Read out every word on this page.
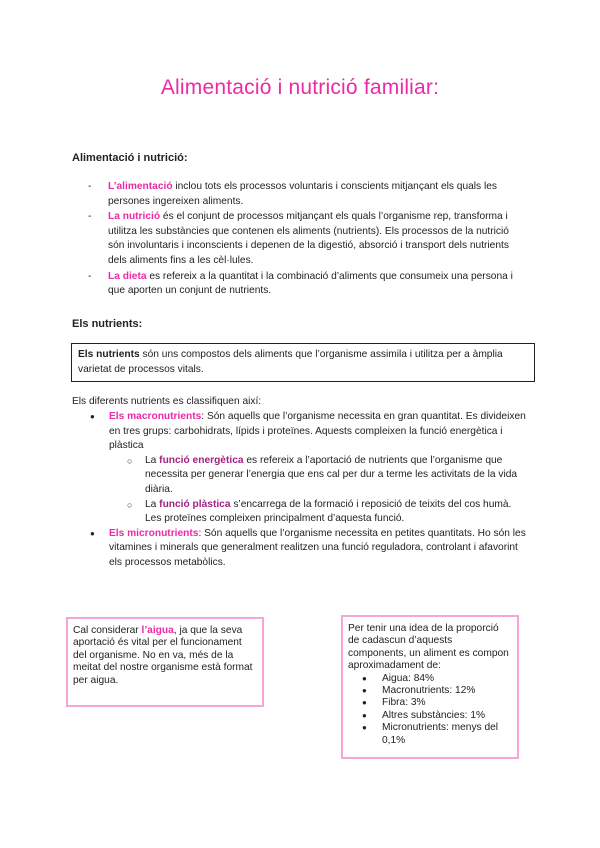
Alimentació i nutrició familiar:
Alimentació i nutrició:
- L’alimentació inclou tots els processos voluntaris i conscients mitjançant els quals les persones ingereixen aliments.
- La nutrició és el conjunt de processos mitjançant els quals l’organisme rep, transforma i utilitza les substàncies que contenen els aliments (nutrients). Els processos de la nutrició són involuntaris i inconscients i depenen de la digestió, absorció i transport dels nutrients dels aliments fins a les cèl·lules.
- La dieta es refereix a la quantitat i la combinació d’aliments que consumeix una persona i que aporten un conjunt de nutrients.
Els nutrients:
Els nutrients són uns compostos dels aliments que l’organisme assimila i utilitza per a àmplia varietat de processos vitals.
Els diferents nutrients es classifiquen així:
● Els macronutrients: Són aquells que l’organisme necessita en gran quantitat. Es divideixen en tres grups: carbohidrats, lípids i proteïnes. Aquests compleixen la funció energètica i plàstica
○ La funció energètica es refereix a l’aportació de nutrients que l’organisme que necessita per generar l’energia que ens cal per dur a terme les activitats de la vida diària.
○ La funció plàstica s’encarrega de la formació i reposició de teixits del cos humà. Les proteïnes compleixen principalment d’aquesta funció.
● Els micronutrients: Són aquells que l’organisme necessita en petites quantitats. Ho són les vitamines i minerals que generalment realitzen una funció reguladora, controlant i afavorint els processos metabòlics.
Cal considerar l’aigua, ja que la seva aportació és vital per el funcionament del organisme. No en va, més de la meitat del nostre organisme està format per aigua.
Per tenir una idea de la proporció de cadascun d’aquests components, un aliment es compon aproximadament de:
● Aigua: 84%
● Macronutrients: 12%
● Fibra: 3%
● Altres substàncies: 1%
● Micronutrients: menys del 0,1%
